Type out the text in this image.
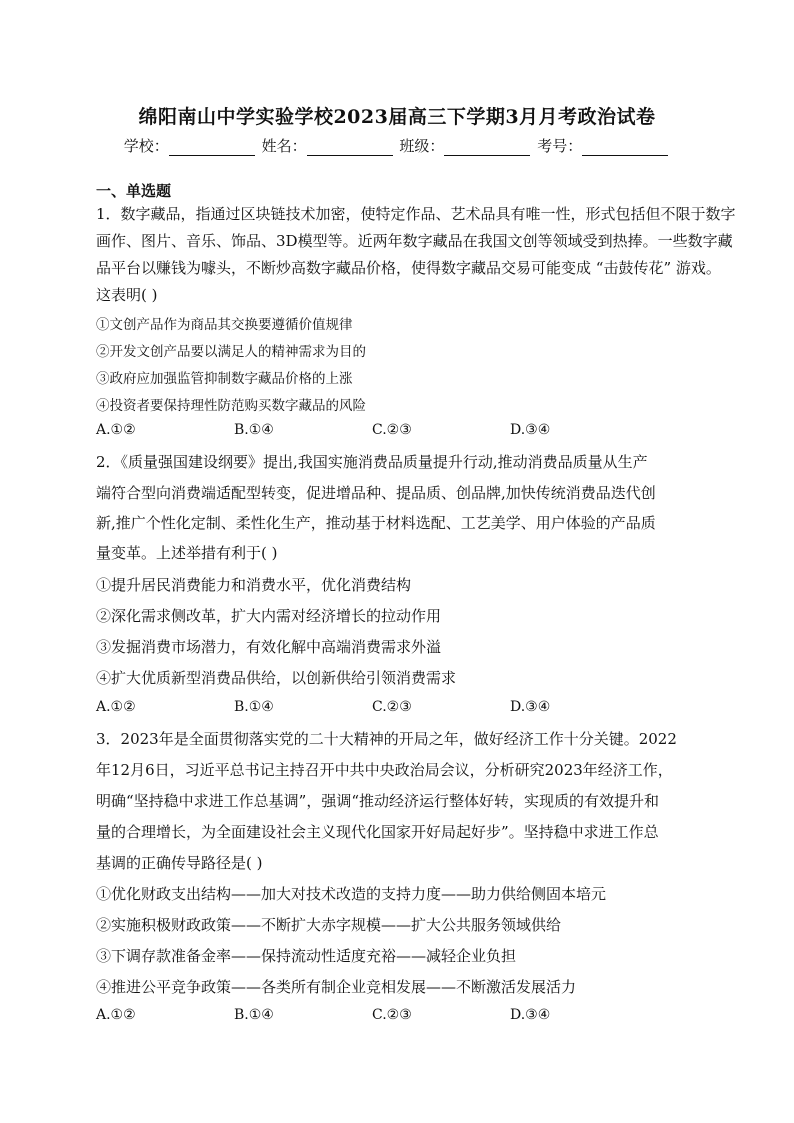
绵阳南山中学实验学校2023届高三下学期3月月考政治试卷
学校：	姓名：	班级：	考号：
一、单选题
1．数字藏品，指通过区块链技术加密，使特定作品、艺术品具有唯一性，形式包括但不限于数字
画作、图片、音乐、饰品、3D模型等。近两年数字藏品在我国文创等领域受到热捧。一些数字藏
品平台以赚钱为噱头，不断炒高数字藏品价格，使得数字藏品交易可能变成 “击鼓传花” 游戏。
这表明( )
①文创产品作为商品其交换要遵循价值规律
②开发文创产品要以满足人的精神需求为目的
③政府应加强监管抑制数字藏品价格的上涨
④投资者要保持理性防范购买数字藏品的风险
A.①②	B.①④	C.②③	D.③④
2．《质量强国建设纲要》提出,我国实施消费品质量提升行动,推动消费品质量从生产
端符合型向消费端适配型转变，促进增品种、提品质、创品牌,加快传统消费品迭代创
新,推广个性化定制、柔性化生产，推动基于材料选配、工艺美学、用户体验的产品质
量变革。上述举措有利于( )
①提升居民消费能力和消费水平，优化消费结构
②深化需求侧改革，扩大内需对经济增长的拉动作用
③发掘消费市场潜力，有效化解中高端消费需求外溢
④扩大优质新型消费品供给，以创新供给引领消费需求
A.①②	B.①④	C.②③	D.③④
3．2023年是全面贯彻落实党的二十大精神的开局之年，做好经济工作十分关键。2022
年12月6日，习近平总书记主持召开中共中央政治局会议，分析研究2023年经济工作，
明确“坚持稳中求进工作总基调”，强调“推动经济运行整体好转，实现质的有效提升和
量的合理增长，为全面建设社会主义现代化国家开好局起好步”。坚持稳中求进工作总
基调的正确传导路径是( )
①优化财政支出结构——加大对技术改造的支持力度——助力供给侧固本培元
②实施积极财政政策——不断扩大赤字规模——扩大公共服务领域供给
③下调存款准备金率——保持流动性适度充裕——减轻企业负担
④推进公平竞争政策——各类所有制企业竞相发展——不断激活发展活力
A.①②	B.①④	C.②③	D.③④
